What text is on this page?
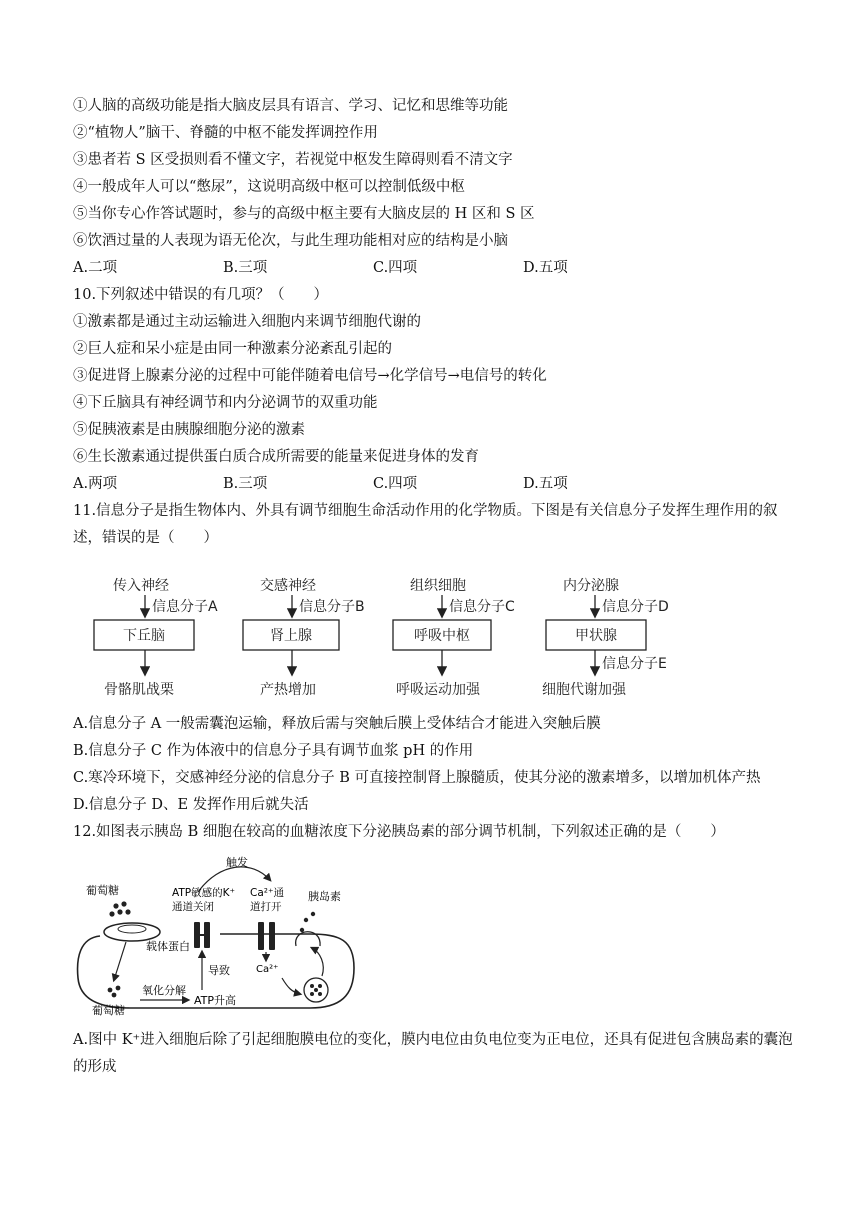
①人脑的高级功能是指大脑皮层具有语言、学习、记忆和思维等功能
②“植物人”脑干、脊髓的中枢不能发挥调控作用
③患者若 S 区受损则看不懂文字，若视觉中枢发生障碍则看不清文字
④一般成年人可以“憋尿”，这说明高级中枢可以控制低级中枢
⑤当你专心作答试题时，参与的高级中枢主要有大脑皮层的 H 区和 S 区
⑥饮酒过量的人表现为语无伦次，与此生理功能相对应的结构是小脑
A.二项	B.三项	C.四项	D.五项
10.下列叙述中错误的有几项？（　　）
①激素都是通过主动运输进入细胞内来调节细胞代谢的
②巨人症和呆小症是由同一种激素分泌紊乱引起的
③促进肾上腺素分泌的过程中可能伴随着电信号→化学信号→电信号的转化
④下丘脑具有神经调节和内分泌调节的双重功能
⑤促胰液素是由胰腺细胞分泌的激素
⑥生长激素通过提供蛋白质合成所需要的能量来促进身体的发育
A.两项	B.三项	C.四项	D.五项
11.信息分子是指生物体内、外具有调节细胞生命活动作用的化学物质。下图是有关信息分子发挥生理作用的叙述，错误的是（　　）
传入神经
信息分子A
下丘脑
骨骼肌战栗
交感神经
信息分子B
肾上腺
产热增加
组织细胞
信息分子C
呼吸中枢
呼吸运动加强
内分泌腺
信息分子D
甲状腺
信息分子E
细胞代谢加强
A.信息分子 A 一般需囊泡运输，释放后需与突触后膜上受体结合才能进入突触后膜
B.信息分子 C 作为体液中的信息分子具有调节血浆 pH 的作用
C.寒冷环境下，交感神经分泌的信息分子 B 可直接控制肾上腺髓质，使其分泌的激素增多，以增加机体产热
D.信息分子 D、E 发挥作用后就失活
12.如图表示胰岛 B 细胞在较高的血糖浓度下分泌胰岛素的部分调节机制，下列叙述正确的是（　　）
触发
葡萄糖
载体蛋白
ATP敏感的K⁺
通道关闭
Ca²⁺通
道打开
胰岛素
Ca²⁺
葡萄糖
氧化分解
ATP升高
导致
A.图中 K⁺进入细胞后除了引起细胞膜电位的变化，膜内电位由负电位变为正电位，还具有促进包含胰岛素的囊泡的形成
